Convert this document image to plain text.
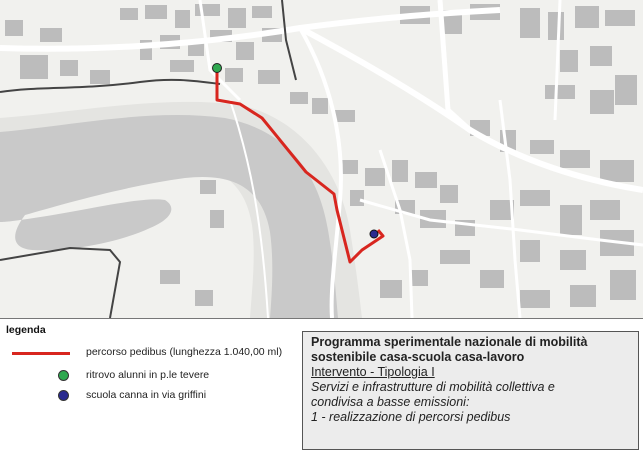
legenda
percorso pedibus (lunghezza 1.040,00 ml)
ritrovo alunni in p.le tevere
scuola canna in via griffini
Programma sperimentale nazionale di mobilità
sostenibile casa-scuola casa-lavoro
Intervento - Tipologia I
Servizi e infrastrutture di mobilità collettiva e
condivisa a basse emissioni:
1 - realizzazione di percorsi pedibus
